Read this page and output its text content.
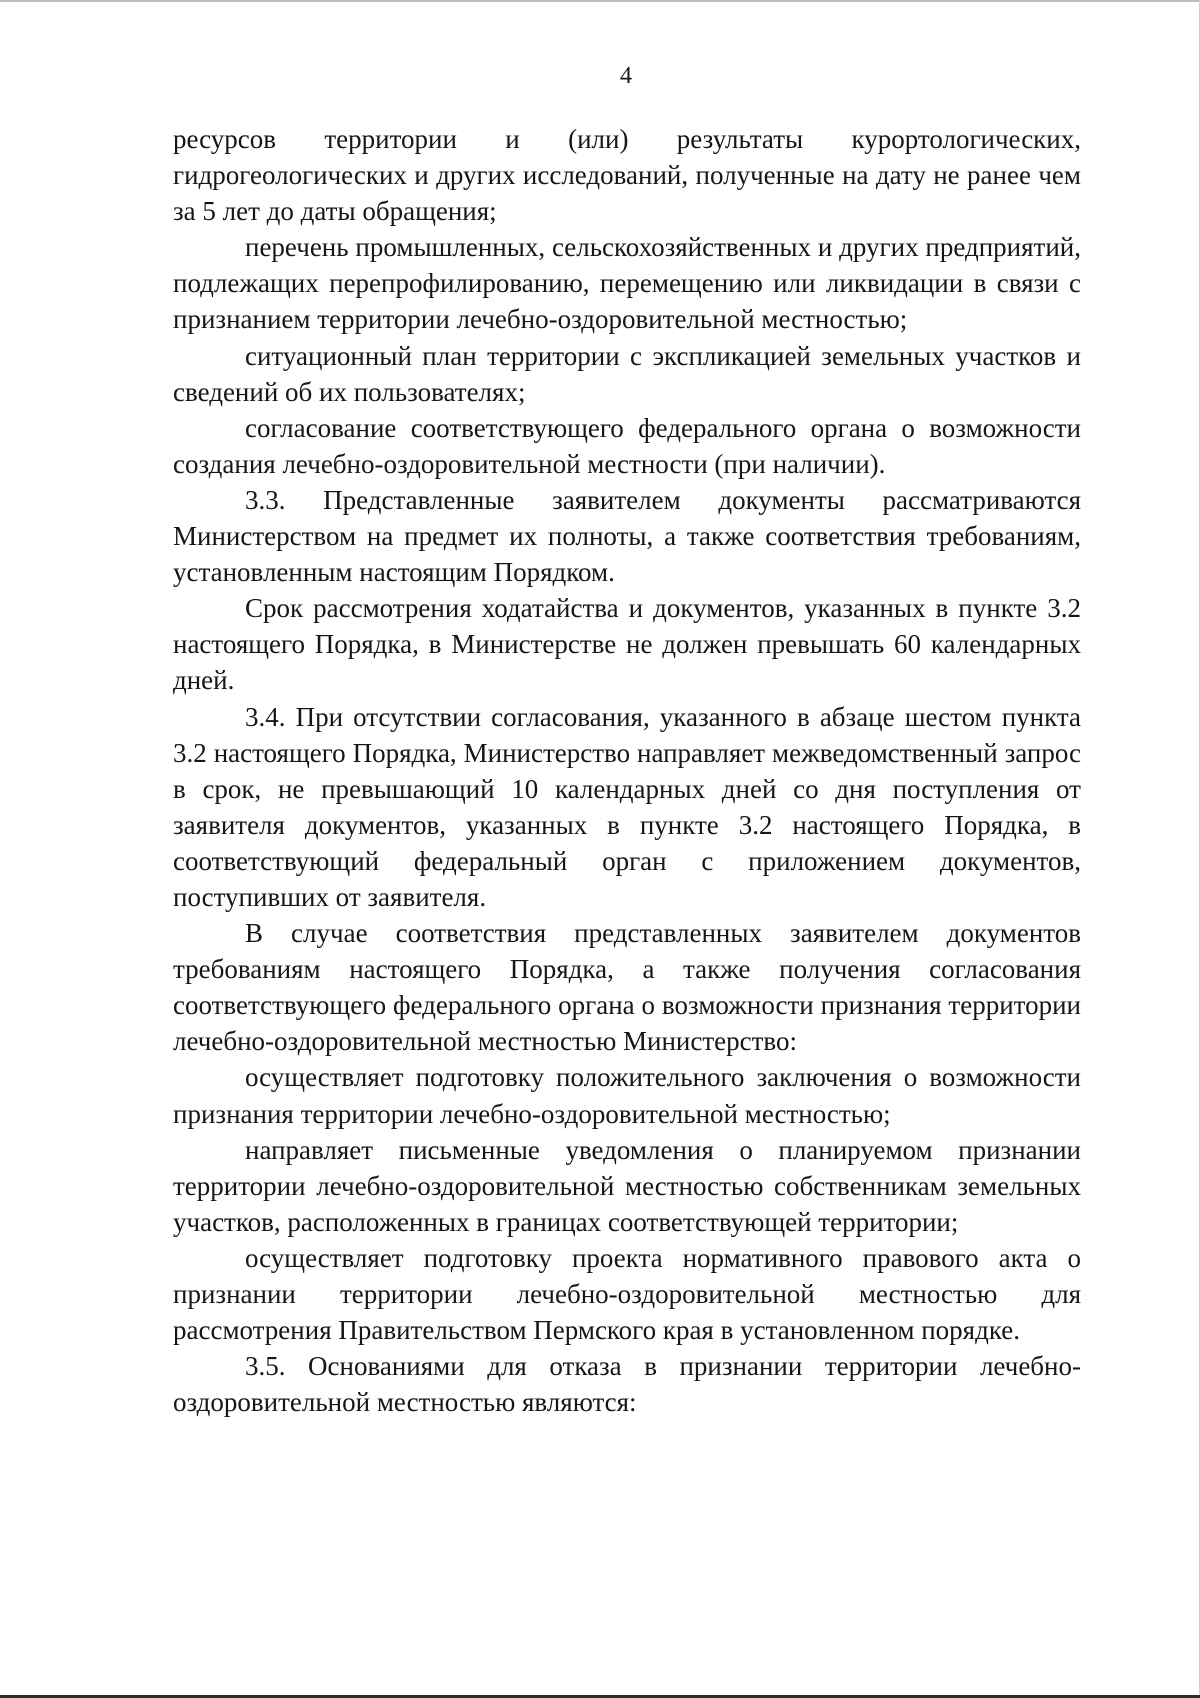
4

ресурсов территории и (или) результаты курортологических, гидрогеологических и других исследований, полученные на дату не ранее чем за 5 лет до даты обращения;

перечень промышленных, сельскохозяйственных и других предприятий, подлежащих перепрофилированию, перемещению или ликвидации в связи с признанием территории лечебно-оздоровительной местностью;

ситуационный план территории с экспликацией земельных участков и сведений об их пользователях;

согласование соответствующего федерального органа о возможности создания лечебно-оздоровительной местности (при наличии).

3.3. Представленные заявителем документы рассматриваются Министерством на предмет их полноты, а также соответствия требованиям, установленным настоящим Порядком.

Срок рассмотрения ходатайства и документов, указанных в пункте 3.2 настоящего Порядка, в Министерстве не должен превышать 60 календарных дней.

3.4. При отсутствии согласования, указанного в абзаце шестом пункта 3.2 настоящего Порядка, Министерство направляет межведомственный запрос в срок, не превышающий 10 календарных дней со дня поступления от заявителя документов, указанных в пункте 3.2 настоящего Порядка, в соответствующий федеральный орган с приложением документов, поступивших от заявителя.

В случае соответствия представленных заявителем документов требованиям настоящего Порядка, а также получения согласования соответствующего федерального органа о возможности признания территории лечебно-оздоровительной местностью Министерство:

осуществляет подготовку положительного заключения о возможности признания территории лечебно-оздоровительной местностью;

направляет письменные уведомления о планируемом признании территории лечебно-оздоровительной местностью собственникам земельных участков, расположенных в границах соответствующей территории;

осуществляет подготовку проекта нормативного правового акта о признании территории лечебно-оздоровительной местностью для рассмотрения Правительством Пермского края в установленном порядке.

3.5. Основаниями для отказа в признании территории лечебно-оздоровительной местностью являются:
